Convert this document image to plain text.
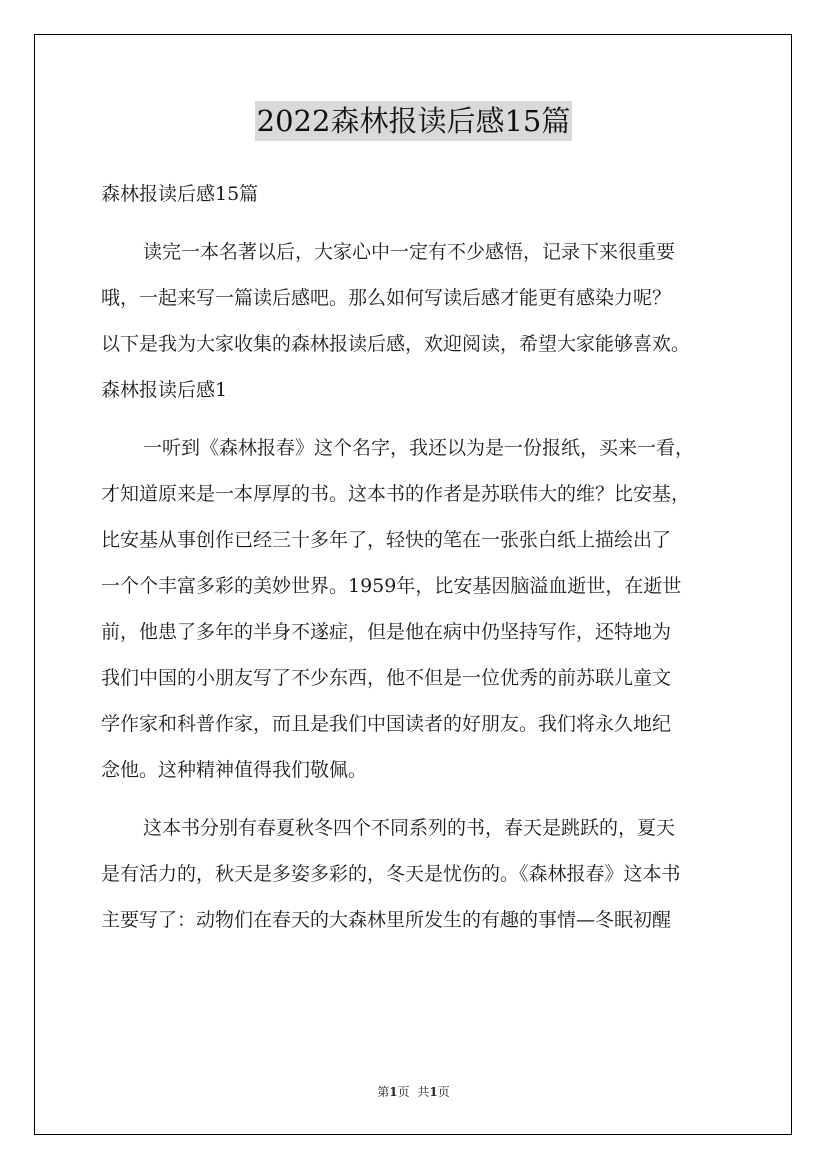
2022森林报读后感15篇
森林报读后感15篇
读完一本名著以后，大家心中一定有不少感悟，记录下来很重要
哦，一起来写一篇读后感吧。那么如何写读后感才能更有感染力呢？
以下是我为大家收集的森林报读后感，欢迎阅读，希望大家能够喜欢。
森林报读后感1
一听到《森林报春》这个名字，我还以为是一份报纸，买来一看，
才知道原来是一本厚厚的书。这本书的作者是苏联伟大的维？比安基，
比安基从事创作已经三十多年了，轻快的笔在一张张白纸上描绘出了
一个个丰富多彩的美妙世界。1959年，比安基因脑溢血逝世，在逝世
前，他患了多年的半身不遂症，但是他在病中仍坚持写作，还特地为
我们中国的小朋友写了不少东西，他不但是一位优秀的前苏联儿童文
学作家和科普作家，而且是我们中国读者的好朋友。我们将永久地纪
念他。这种精神值得我们敬佩。
这本书分别有春夏秋冬四个不同系列的书，春天是跳跃的，夏天
是有活力的，秋天是多姿多彩的，冬天是忧伤的。《森林报春》这本书
主要写了：动物们在春天的大森林里所发生的有趣的事情—冬眠初醒
第1页 共1页
